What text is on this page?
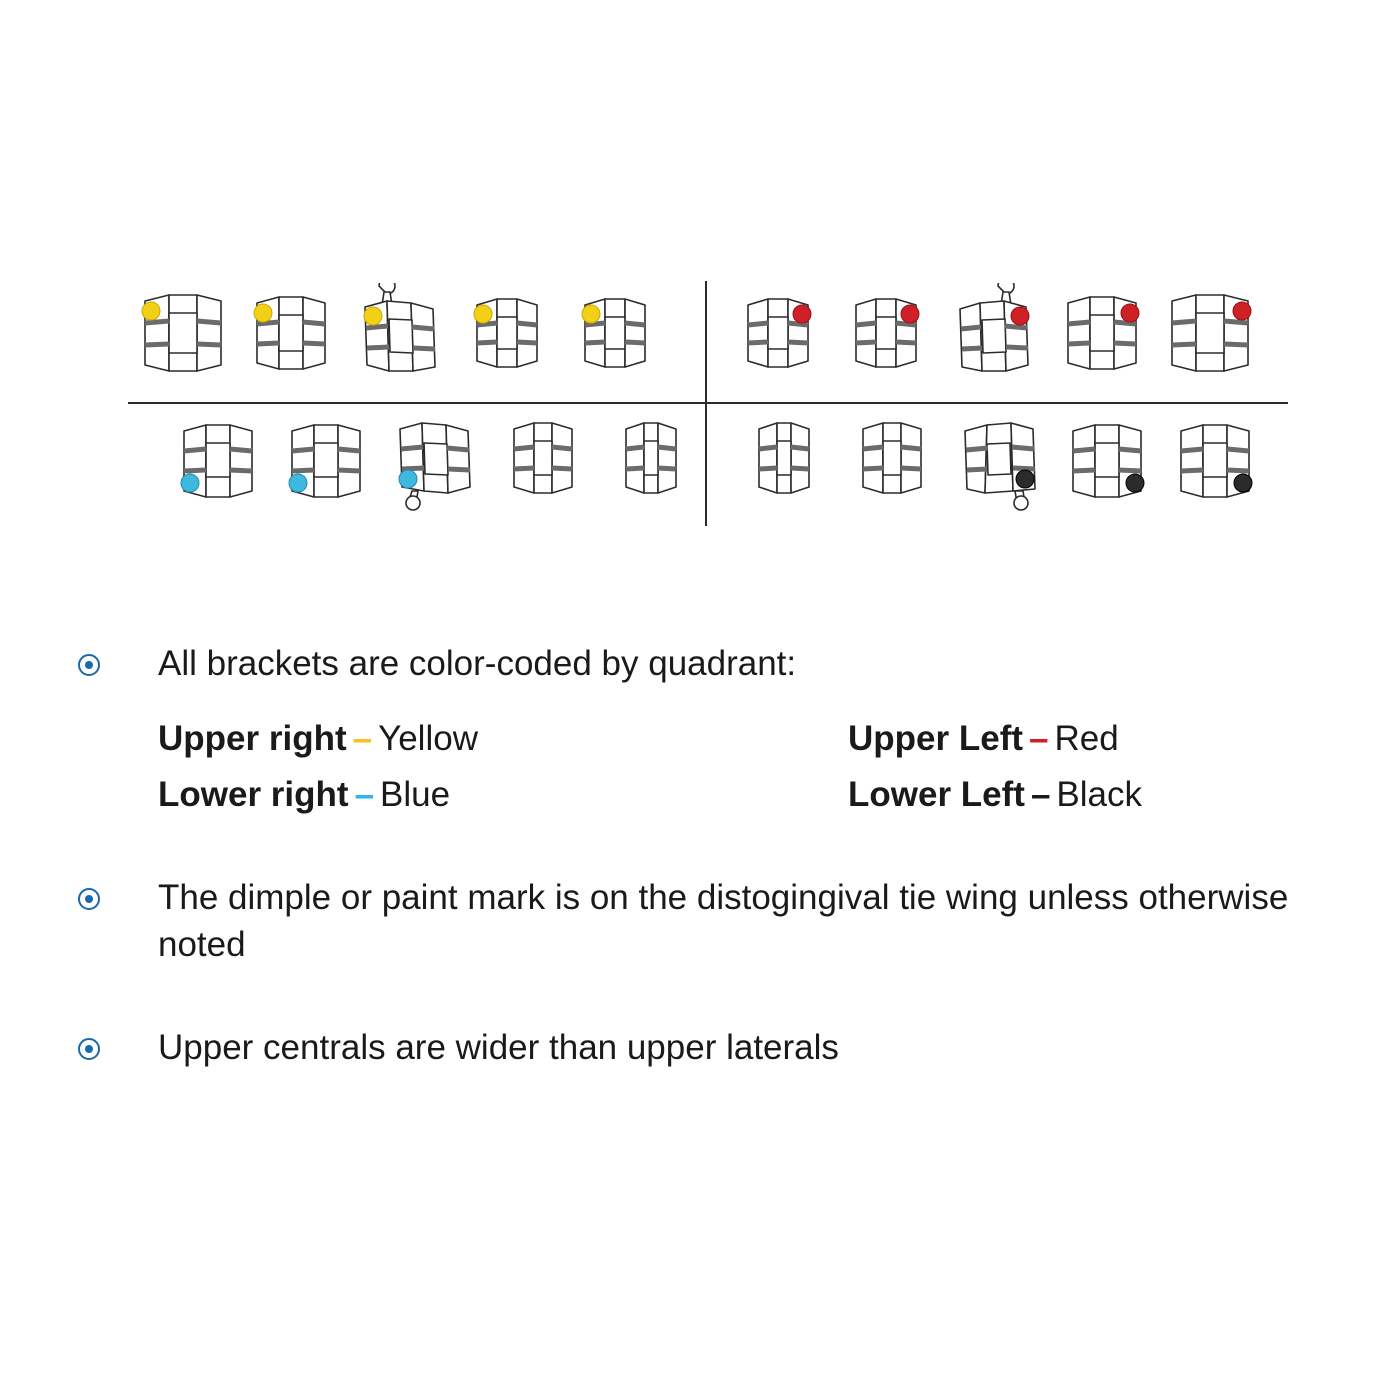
All brackets are color-coded by quadrant:
Upper right – Yellow	Upper Left – Red
Lower right – Blue	Lower Left – Black
The dimple or paint mark is on the distogingival tie wing unless otherwise noted
Upper centrals are wider than upper laterals
